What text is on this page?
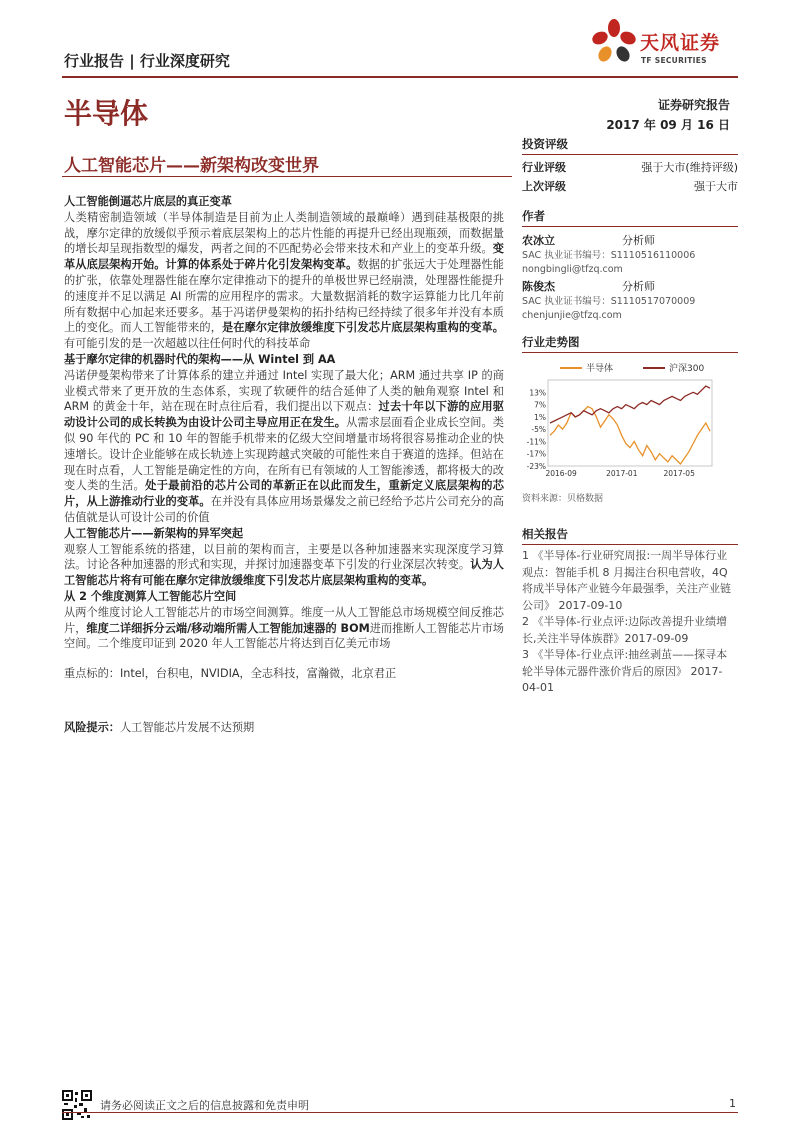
行业报告 | 行业深度研究
天风证券
TF SECURITIES
半导体	证券研究报告
2017 年 09 月 16 日
人工智能芯片——新架构改变世界
人工智能倒逼芯片底层的真正变革
人类精密制造领域（半导体制造是目前为止人类制造领域的最巅峰）遇到硅基极限的挑战，摩尔定律的放缓似乎预示着底层架构上的芯片性能的再提升已经出现瓶颈，而数据量的增长却呈现指数型的爆发，两者之间的不匹配势必会带来技术和产业上的变革升级。变革从底层架构开始。计算的体系处于碎片化引发架构变革。数据的扩张远大于处理器性能的扩张，依靠处理器性能在摩尔定律推动下的提升的单极世界已经崩溃，处理器性能提升的速度并不足以满足 AI 所需的应用程序的需求。大量数据消耗的数字运算能力比几年前所有数据中心加起来还要多。基于冯诺伊曼架构的拓扑结构已经持续了很多年并没有本质上的变化。而人工智能带来的，是在摩尔定律放缓维度下引发芯片底层架构重构的变革。有可能引发的是一次超越以往任何时代的科技革命
基于摩尔定律的机器时代的架构——从 Wintel 到 AA
冯诺伊曼架构带来了计算体系的建立并通过 Intel 实现了最大化；ARM 通过共享 IP 的商业模式带来了更开放的生态体系，实现了软硬件的结合延伸了人类的触角观察 Intel 和 ARM 的黄金十年，站在现在时点往后看，我们提出以下观点：过去十年以下游的应用驱动设计公司的成长转换为由设计公司主导应用正在发生。从需求层面看企业成长空间。类似 90 年代的 PC 和 10 年的智能手机带来的亿级大空间增量市场将很容易推动企业的快速增长。设计企业能够在成长轨迹上实现跨越式突破的可能性来自于赛道的选择。但站在现在时点看，人工智能是确定性的方向，在所有已有领域的人工智能渗透，都将极大的改变人类的生活。处于最前沿的芯片公司的革新正在以此而发生，重新定义底层架构的芯片，从上游推动行业的变革。在并没有具体应用场景爆发之前已经给予芯片公司充分的高估值就是认可设计公司的价值
人工智能芯片——新架构的异军突起
观察人工智能系统的搭建，以目前的架构而言，主要是以各种加速器来实现深度学习算法。讨论各种加速器的形式和实现，并探讨加速器变革下引发的行业深层次转变。认为人工智能芯片将有可能在摩尔定律放缓维度下引发芯片底层架构重构的变革。
从 2 个维度测算人工智能芯片空间
从两个维度讨论人工智能芯片的市场空间测算。维度一从人工智能总市场规模空间反推芯片，维度二详细拆分云端/移动端所需人工智能加速器的 BOM进而推断人工智能芯片市场空间。二个维度印证到 2020 年人工智能芯片将达到百亿美元市场
重点标的：Intel，台积电，NVIDIA，全志科技，富瀚微，北京君正
风险提示：人工智能芯片发展不达预期
投资评级
行业评级	强于大市(维持评级)
上次评级	强于大市
作者
农冰立	分析师
SAC 执业证书编号：S1110516110006
nongbingli@tfzq.com
陈俊杰	分析师
SAC 执业证书编号：S1110517070009
chenjunjie@tfzq.com
行业走势图
半导体	沪深300
13%
7%
1%
-5%
-11%
-17%
-23%
2016-09	2017-01	2017-05
资料来源：贝格数据
相关报告
1 《半导体-行业研究周报:一周半导体行业观点：智能手机 8 月揭注台积电营收，4Q 将成半导体产业链今年最强季，关注产业链公司》 2017-09-10
2 《半导体-行业点评:边际改善提升业绩增长,关注半导体族群》2017-09-09
3 《半导体-行业点评:抽丝剥茧——探寻本轮半导体元器件涨价背后的原因》 2017-04-01
请务必阅读正文之后的信息披露和免责申明	1
